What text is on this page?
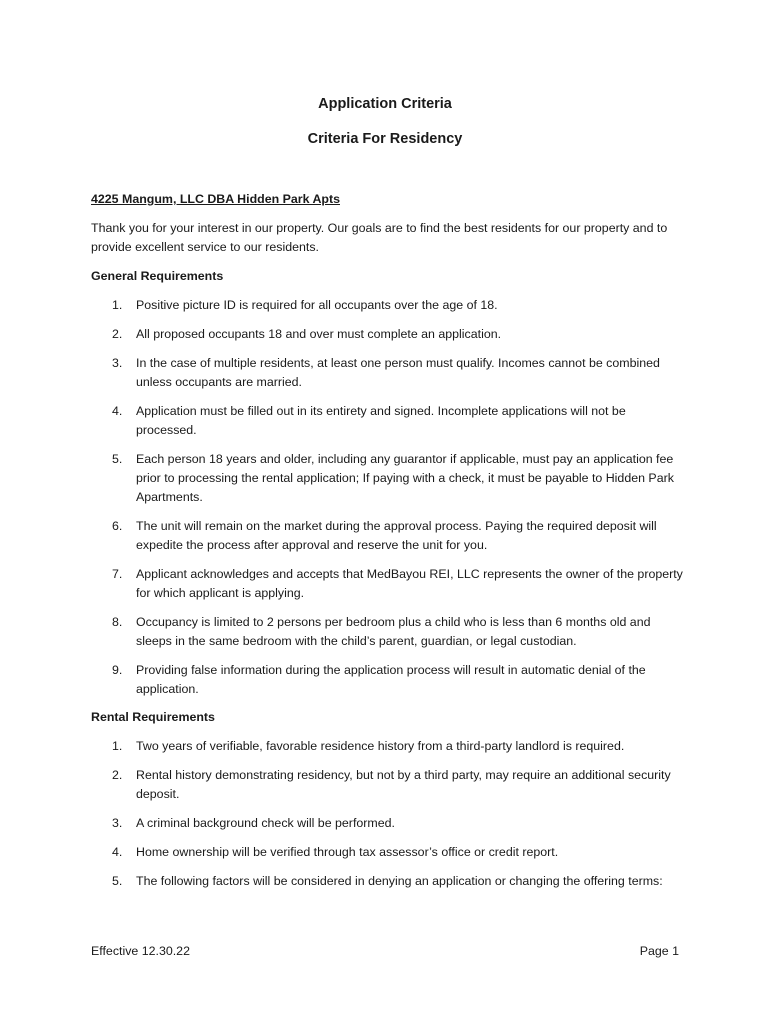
Application Criteria
Criteria For Residency
4225 Mangum, LLC DBA Hidden Park Apts
Thank you for your interest in our property. Our goals are to find the best residents for our property and to provide excellent service to our residents.
General Requirements
1. Positive picture ID is required for all occupants over the age of 18.
2. All proposed occupants 18 and over must complete an application.
3. In the case of multiple residents, at least one person must qualify. Incomes cannot be combined unless occupants are married.
4. Application must be filled out in its entirety and signed. Incomplete applications will not be processed.
5. Each person 18 years and older, including any guarantor if applicable, must pay an application fee prior to processing the rental application; If paying with a check, it must be payable to Hidden Park Apartments.
6. The unit will remain on the market during the approval process. Paying the required deposit will expedite the process after approval and reserve the unit for you.
7. Applicant acknowledges and accepts that MedBayou REI, LLC represents the owner of the property for which applicant is applying.
8. Occupancy is limited to 2 persons per bedroom plus a child who is less than 6 months old and sleeps in the same bedroom with the child’s parent, guardian, or legal custodian.
9. Providing false information during the application process will result in automatic denial of the application.
Rental Requirements
1. Two years of verifiable, favorable residence history from a third-party landlord is required.
2. Rental history demonstrating residency, but not by a third party, may require an additional security deposit.
3. A criminal background check will be performed.
4. Home ownership will be verified through tax assessor’s office or credit report.
5. The following factors will be considered in denying an application or changing the offering terms:
Effective 12.30.22	Page 1
